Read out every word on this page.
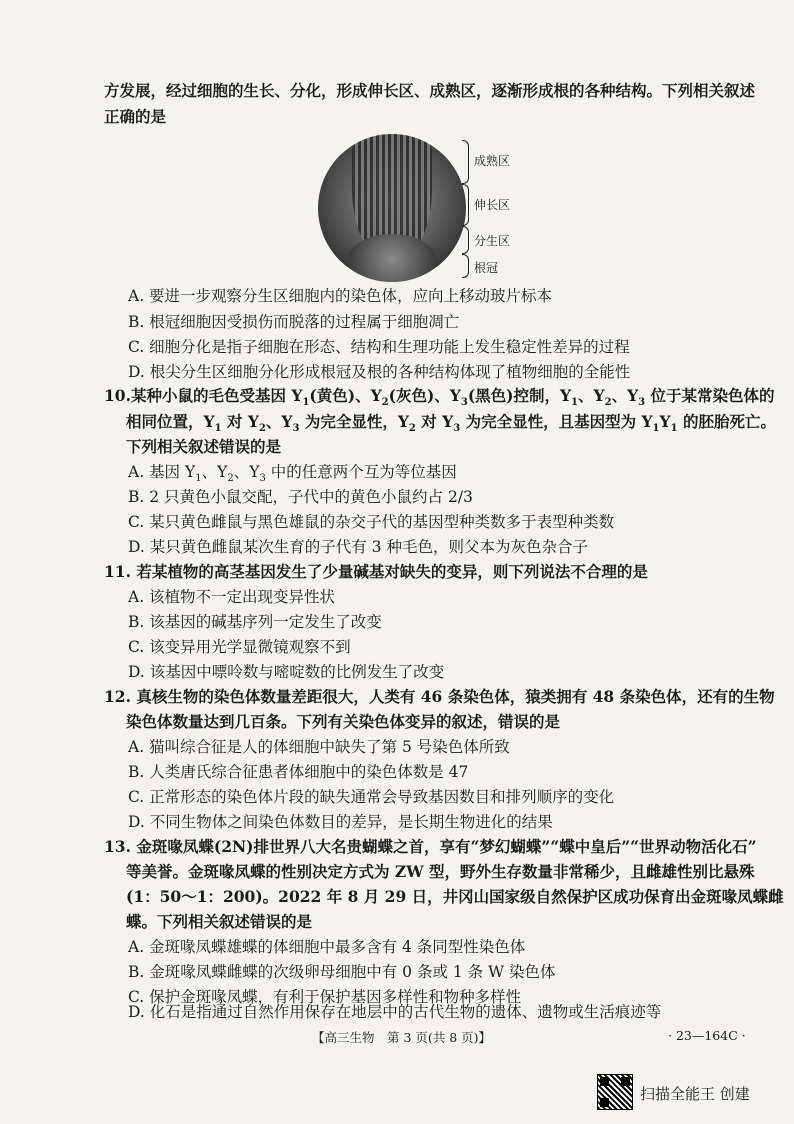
方发展，经过细胞的生长、分化，形成伸长区、成熟区，逐渐形成根的各种结构。下列相关叙述
正确的是
成熟区
伸长区
分生区
根冠
A. 要进一步观察分生区细胞内的染色体，应向上移动玻片标本
B. 根冠细胞因受损伤而脱落的过程属于细胞凋亡
C. 细胞分化是指子细胞在形态、结构和生理功能上发生稳定性差异的过程
D. 根尖分生区细胞分化形成根冠及根的各种结构体现了植物细胞的全能性
10.某种小鼠的毛色受基因 $Y_1$(黄色)、$Y_2$(灰色)、$Y_3$(黑色)控制，$Y_1$、$Y_2$、$Y_3$ 位于某常染色体的
相同位置，$Y_1$ 对 $Y_2$、$Y_3$ 为完全显性，$Y_2$ 对 $Y_3$ 为完全显性，且基因型为 $Y_1Y_1$ 的胚胎死亡。
下列相关叙述错误的是
A. 基因 $Y_1$、$Y_2$、$Y_3$ 中的任意两个互为等位基因
B. 2 只黄色小鼠交配，子代中的黄色小鼠约占 2/3
C. 某只黄色雌鼠与黑色雄鼠的杂交子代的基因型种类数多于表型种类数
D. 某只黄色雌鼠某次生育的子代有 3 种毛色，则父本为灰色杂合子
11. 若某植物的高茎基因发生了少量碱基对缺失的变异，则下列说法不合理的是
A. 该植物不一定出现变异性状
B. 该基因的碱基序列一定发生了改变
C. 该变异用光学显微镜观察不到
D. 该基因中嘌呤数与嘧啶数的比例发生了改变
12. 真核生物的染色体数量差距很大，人类有 46 条染色体，猿类拥有 48 条染色体，还有的生物
染色体数量达到几百条。下列有关染色体变异的叙述，错误的是
A. 猫叫综合征是人的体细胞中缺失了第 5 号染色体所致
B. 人类唐氏综合征患者体细胞中的染色体数是 47
C. 正常形态的染色体片段的缺失通常会导致基因数目和排列顺序的变化
D. 不同生物体之间染色体数目的差异，是长期生物进化的结果
13. 金斑喙凤蝶(2N)排世界八大名贵蝴蝶之首，享有“梦幻蝴蝶”“蝶中皇后”“世界动物活化石”
等美誉。金斑喙凤蝶的性别决定方式为 ZW 型，野外生存数量非常稀少，且雌雄性别比悬殊
(1：50～1：200)。2022 年 8 月 29 日，井冈山国家级自然保护区成功保育出金斑喙凤蝶雌
蝶。下列相关叙述错误的是
A. 金斑喙凤蝶雄蝶的体细胞中最多含有 4 条同型性染色体
B. 金斑喙凤蝶雌蝶的次级卵母细胞中有 0 条或 1 条 W 染色体
C. 保护金斑喙凤蝶，有利于保护基因多样性和物种多样性
D. 化石是指通过自然作用保存在地层中的古代生物的遗体、遗物或生活痕迹等
【高三生物　第 3 页(共 8 页)】	· 23—164C ·
扫描全能王 创建
